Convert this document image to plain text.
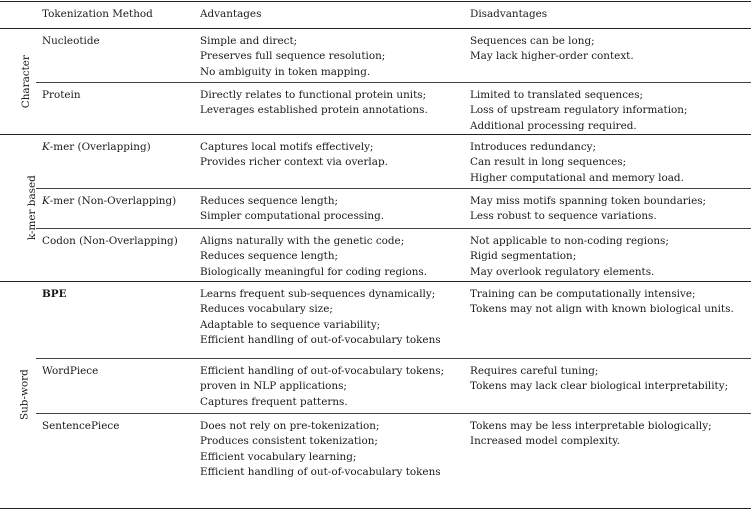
	Tokenization Method	Advantages	Disadvantages
Character	Nucleotide	Simple and direct;
Preserves full sequence resolution;
No ambiguity in token mapping.	Sequences can be long;
May lack higher-order context.

	Protein	Directly relates to functional protein units;
Leverages established protein annotations.	Limited to translated sequences;
Loss of upstream regulatory information;
Additional processing required.

k-mer based	K-mer (Overlapping)	Captures local motifs effectively;
Provides richer context via overlap.	Introduces redundancy;
Can result in long sequences;
Higher computational and memory load.

	K-mer (Non-Overlapping)	Reduces sequence length;
Simpler computational processing.	May miss motifs spanning token boundaries;
Less robust to sequence variations.

	Codon (Non-Overlapping)	Aligns naturally with the genetic code;
Reduces sequence length;
Biologically meaningful for coding regions.	Not applicable to non-coding regions;
Rigid segmentation;
May overlook regulatory elements.

Sub-word	BPE	Learns frequent sub-sequences dynamically;
Reduces vocabulary size;
Adaptable to sequence variability;
Efficient handling of out-of-vocabulary tokens	Training can be computationally intensive;
Tokens may not align with known biological units.

	WordPiece	Efficient handling of out-of-vocabulary tokens;
proven in NLP applications;
Captures frequent patterns.	Requires careful tuning;
Tokens may lack clear biological interpretability;

	SentencePiece	Does not rely on pre-tokenization;
Produces consistent tokenization;
Efficient vocabulary learning;
Efficient handling of out-of-vocabulary tokens	Tokens may be less interpretable biologically;
Increased model complexity.
